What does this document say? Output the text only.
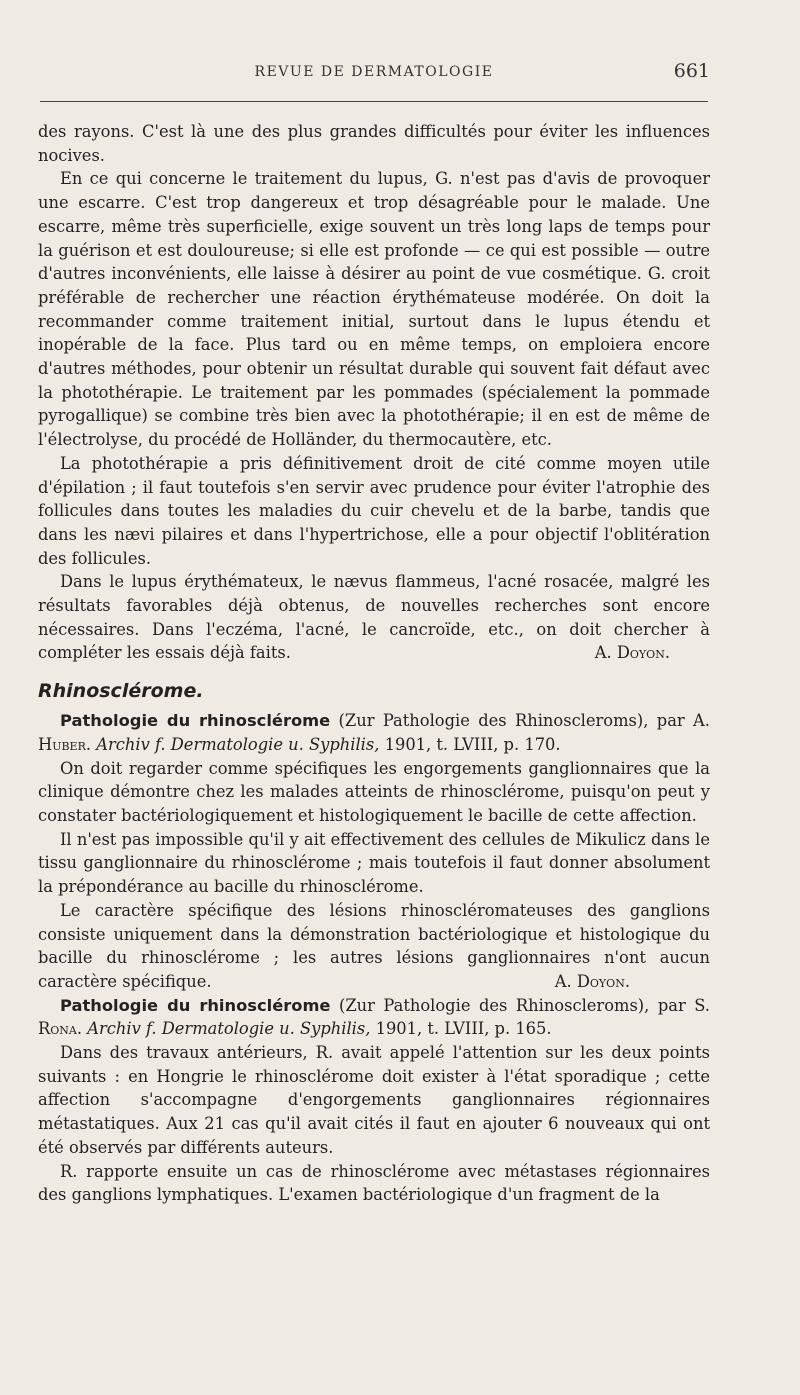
REVUE DE DERMATOLOGIE	661

des rayons. C'est là une des plus grandes difficultés pour éviter les influences nocives.

En ce qui concerne le traitement du lupus, G. n'est pas d'avis de provoquer une escarre. C'est trop dangereux et trop désagréable pour le malade. Une escarre, même très superficielle, exige souvent un très long laps de temps pour la guérison et est douloureuse; si elle est profonde — ce qui est possible — outre d'autres inconvénients, elle laisse à désirer au point de vue cosmétique. G. croit préférable de rechercher une réaction érythémateuse modérée. On doit la recommander comme traitement initial, surtout dans le lupus étendu et inopérable de la face. Plus tard ou en même temps, on emploiera encore d'autres méthodes, pour obtenir un résultat durable qui souvent fait défaut avec la photothérapie. Le traitement par les pommades (spécialement la pommade pyrogallique) se combine très bien avec la photothérapie; il en est de même de l'électrolyse, du procédé de Holländer, du thermocautère, etc.

La photothérapie a pris définitivement droit de cité comme moyen utile d'épilation ; il faut toutefois s'en servir avec prudence pour éviter l'atrophie des follicules dans toutes les maladies du cuir chevelu et de la barbe, tandis que dans les nævi pilaires et dans l'hypertrichose, elle a pour objectif l'oblitération des follicules.

Dans le lupus érythémateux, le nævus flammeus, l'acné rosacée, malgré les résultats favorables déjà obtenus, de nouvelles recherches sont encore nécessaires. Dans l'eczéma, l'acné, le cancroïde, etc., on doit chercher à compléter les essais déjà faits.	A. Doyon.

Rhinosclérome.

Pathologie du rhinosclérome (Zur Pathologie des Rhinoscleroms), par A. Huber. Archiv f. Dermatologie u. Syphilis, 1901, t. LVIII, p. 170.

On doit regarder comme spécifiques les engorgements ganglionnaires que la clinique démontre chez les malades atteints de rhinosclérome, puisqu'on peut y constater bactériologiquement et histologiquement le bacille de cette affection.

Il n'est pas impossible qu'il y ait effectivement des cellules de Mikulicz dans le tissu ganglionnaire du rhinosclérome ; mais toutefois il faut donner absolument la prépondérance au bacille du rhinosclérome.

Le caractère spécifique des lésions rhinoscléromateuses des ganglions consiste uniquement dans la démonstration bactériologique et histologique du bacille du rhinosclérome ; les autres lésions ganglionnaires n'ont aucun caractère spécifique.	A. Doyon.

Pathologie du rhinosclérome (Zur Pathologie des Rhinoscleroms), par S. Rona. Archiv f. Dermatologie u. Syphilis, 1901, t. LVIII, p. 165.

Dans des travaux antérieurs, R. avait appelé l'attention sur les deux points suivants : en Hongrie le rhinosclérome doit exister à l'état sporadique ; cette affection s'accompagne d'engorgements ganglionnaires régionnaires métastatiques. Aux 21 cas qu'il avait cités il faut en ajouter 6 nouveaux qui ont été observés par différents auteurs.

R. rapporte ensuite un cas de rhinosclérome avec métastases régionnaires des ganglions lymphatiques. L'examen bactériologique d'un fragment de la
